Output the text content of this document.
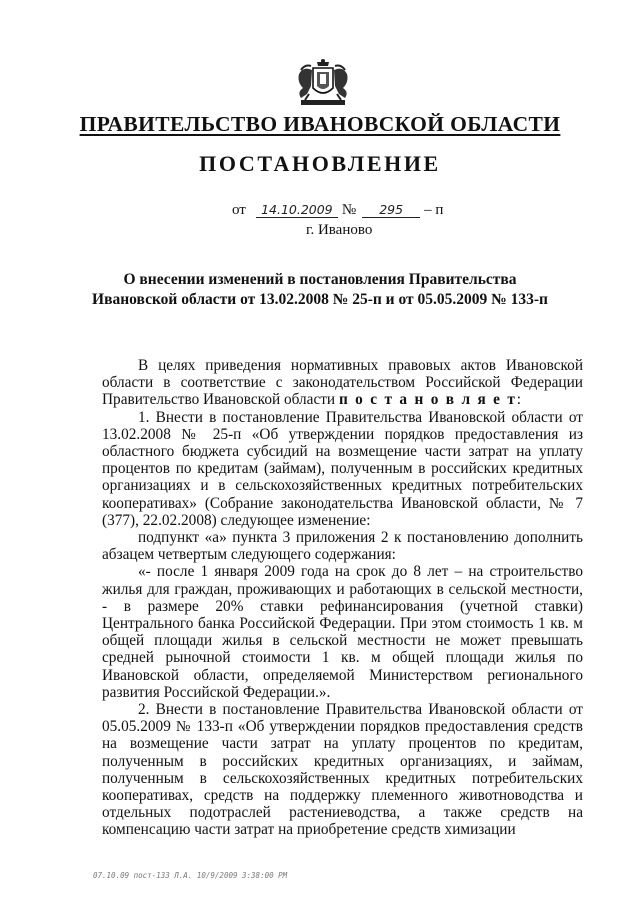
ПРАВИТЕЛЬСТВО ИВАНОВСКОЙ ОБЛАСТИ
ПОСТАНОВЛЕНИЕ
от 14.10.2009 № 295 – п
г. Иваново
О внесении изменений в постановления Правительства
Ивановской области от 13.02.2008 № 25-п и от 05.05.2009 № 133-п

В целях приведения нормативных правовых актов Ивановской области в соответствие с законодательством Российской Федерации Правительство Ивановской области п о с т а н о в л я е т:

1. Внести в постановление Правительства Ивановской области от 13.02.2008 № 25-п «Об утверждении порядков предоставления из областного бюджета субсидий на возмещение части затрат на уплату процентов по кредитам (займам), полученным в российских кредитных организациях и в сельскохозяйственных кредитных потребительских кооперативах» (Собрание законодательства Ивановской области, № 7 (377), 22.02.2008) следующее изменение:

подпункт «а» пункта 3 приложения 2 к постановлению дополнить абзацем четвертым следующего содержания:

«- после 1 января 2009 года на срок до 8 лет – на строительство жилья для граждан, проживающих и работающих в сельской местности, - в размере 20% ставки рефинансирования (учетной ставки) Центрального банка Российской Федерации. При этом стоимость 1 кв. м общей площади жилья в сельской местности не может превышать средней рыночной стоимости 1 кв. м общей площади жилья по Ивановской области, определяемой Министерством регионального развития Российской Федерации.».

2. Внести в постановление Правительства Ивановской области от 05.05.2009 № 133-п «Об утверждении порядков предоставления средств на возмещение части затрат на уплату процентов по кредитам, полученным в российских кредитных организациях, и займам, полученным в сельскохозяйственных кредитных потребительских кооперативах, средств на поддержку племенного животноводства и отдельных подотраслей растениеводства, а также средств на компенсацию части затрат на приобретение средств химизации

07.10.09 пост-133 Л.А. 10/9/2009 3:38:00 PM
